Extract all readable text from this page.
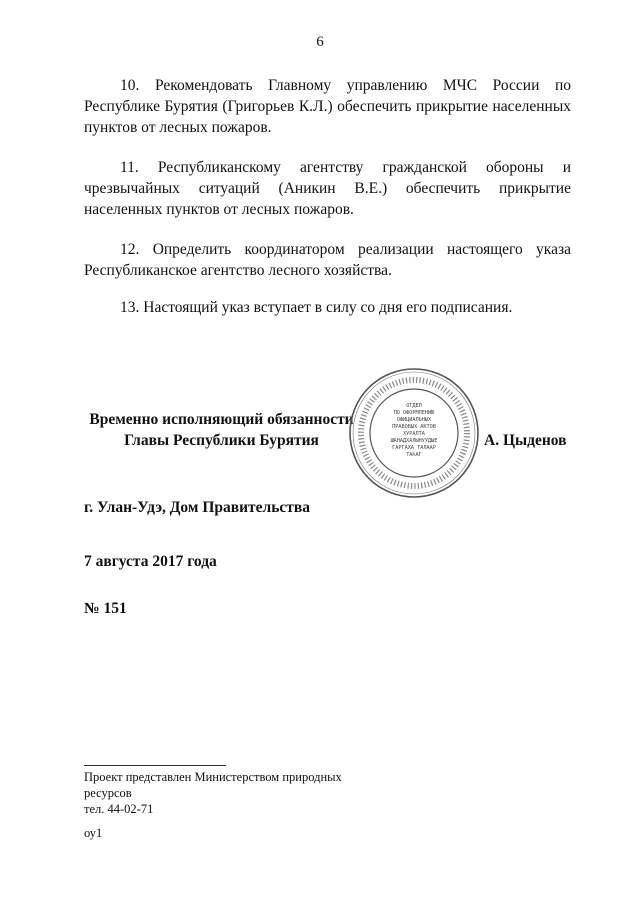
6

10. Рекомендовать Главному управлению МЧС России по Республике Бурятия (Григорьев К.Л.) обеспечить прикрытие населенных пунктов от лесных пожаров.

11. Республиканскому агентству гражданской обороны и чрезвычайных ситуаций (Аникин В.Е.) обеспечить прикрытие населенных пунктов от лесных пожаров.

12. Определить координатором реализации настоящего указа Республиканское агентство лесного хозяйства.

13. Настоящий указ вступает в силу со дня его подписания.

Временно исполняющий обязанности
Главы Республики Бурятия
ОТДЕЛ
ПО ОФОРМЛЕНИЮ
ОФИЦИАЛЬНЫХ
ПРАВОВЫХ АКТОВ
ХУРАЛТА
ШАНАДХАЛЫНУУДЫЕ
ГАРГАХА ТАЛААР
ТАҺАГ
А. Цыденов
г. Улан-Удэ, Дом Правительства
7 августа 2017 года
№ 151
Проект представлен Министерством природных
ресурсов
тел. 44-02-71
оу1
